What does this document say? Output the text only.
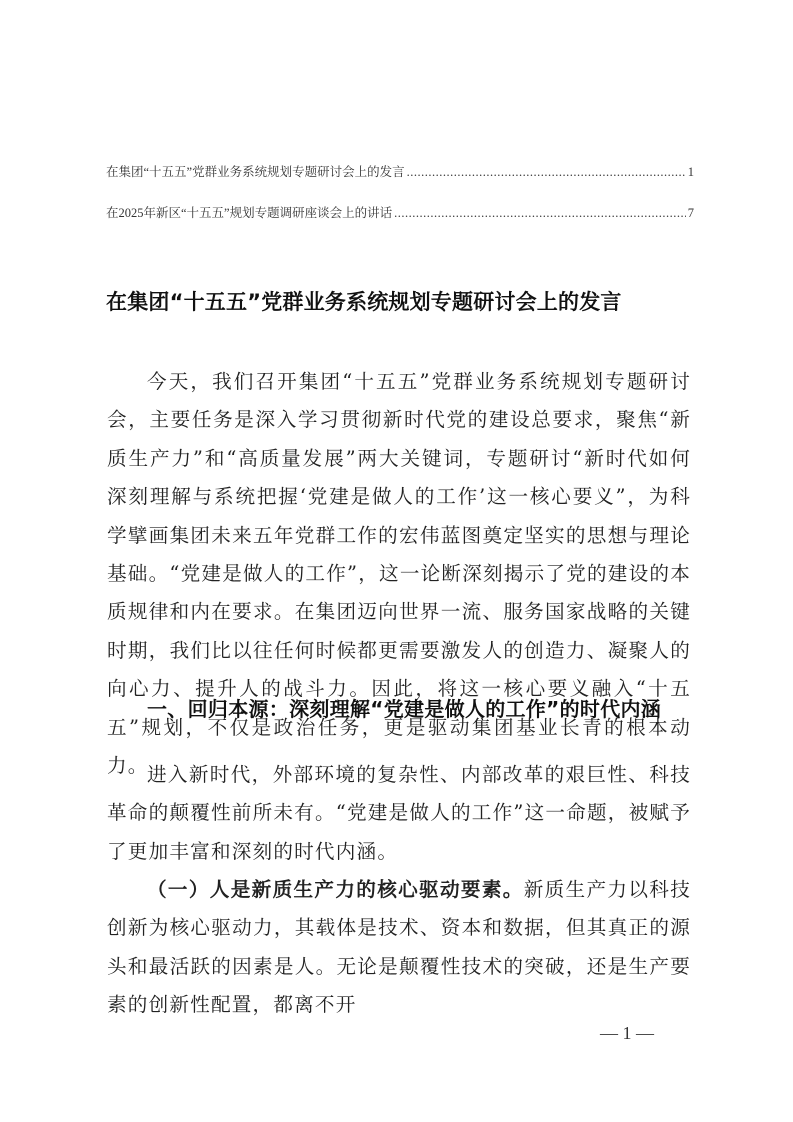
在集团“十五五”党群业务系统规划专题研讨会上的发言 .....	1
在2025年新区“十五五”规划专题调研座谈会上的讲话 .....	7
在集团“十五五”党群业务系统规划专题研讨会上的发言

今天，我们召开集团“十五五”党群业务系统规划专题研讨会，主要任务是深入学习贯彻新时代党的建设总要求，聚焦“新质生产力”和“高质量发展”两大关键词，专题研讨“新时代如何深刻理解与系统把握‘党建是做人的工作’这一核心要义”，为科学擘画集团未来五年党群工作的宏伟蓝图奠定坚实的思想与理论基础。“党建是做人的工作”，这一论断深刻揭示了党的建设的本质规律和内在要求。在集团迈向世界一流、服务国家战略的关键时期，我们比以往任何时候都更需要激发人的创造力、凝聚人的向心力、提升人的战斗力。因此，将这一核心要义融入“十五五”规划，不仅是政治任务，更是驱动集团基业长青的根本动力。

一、回归本源：深刻理解“党建是做人的工作”的时代内涵

进入新时代，外部环境的复杂性、内部改革的艰巨性、科技革命的颠覆性前所未有。“党建是做人的工作”这一命题，被赋予了更加丰富和深刻的时代内涵。

（一）人是新质生产力的核心驱动要素。新质生产力以科技创新为核心驱动力，其载体是技术、资本和数据，但其真正的源头和最活跃的因素是人。无论是颠覆性技术的突破，还是生产要素的创新性配置，都离不开

— 1 —
